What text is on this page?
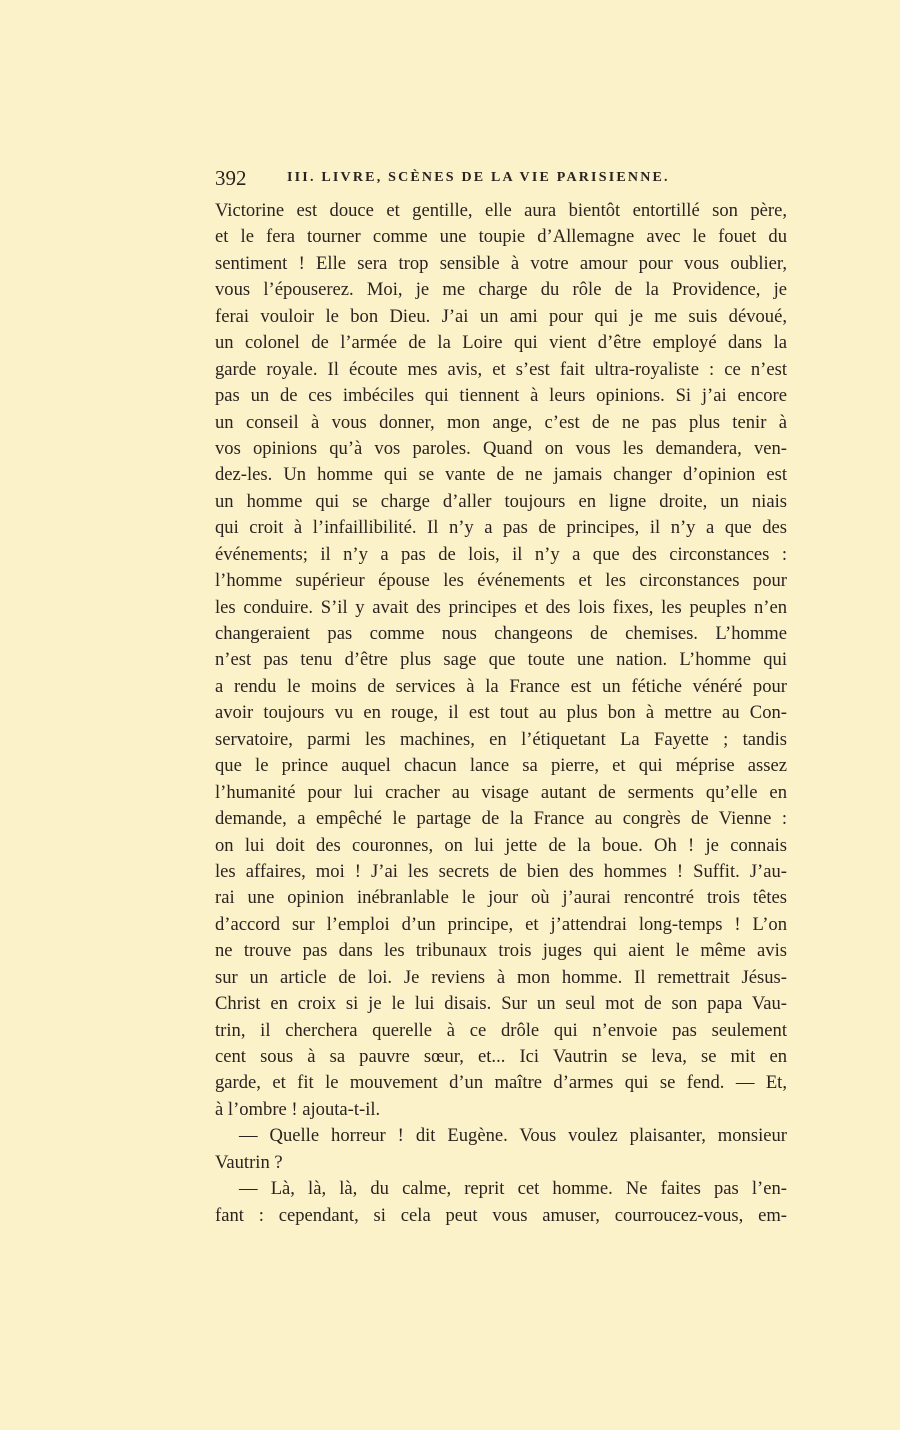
392	III. LIVRE, SCÈNES DE LA VIE PARISIENNE.
Victorine est douce et gentille, elle aura bientôt entortillé son père,
et le fera tourner comme une toupie d’Allemagne avec le fouet du
sentiment ! Elle sera trop sensible à votre amour pour vous oublier,
vous l’épouserez. Moi, je me charge du rôle de la Providence, je
ferai vouloir le bon Dieu. J’ai un ami pour qui je me suis dévoué,
un colonel de l’armée de la Loire qui vient d’être employé dans la
garde royale. Il écoute mes avis, et s’est fait ultra-royaliste : ce n’est
pas un de ces imbéciles qui tiennent à leurs opinions. Si j’ai encore
un conseil à vous donner, mon ange, c’est de ne pas plus tenir à
vos opinions qu’à vos paroles. Quand on vous les demandera, ven-
dez-les. Un homme qui se vante de ne jamais changer d’opinion est
un homme qui se charge d’aller toujours en ligne droite, un niais
qui croit à l’infaillibilité. Il n’y a pas de principes, il n’y a que des
événements; il n’y a pas de lois, il n’y a que des circonstances :
l’homme supérieur épouse les événements et les circonstances pour
les conduire. S’il y avait des principes et des lois fixes, les peuples n’en
changeraient pas comme nous changeons de chemises. L’homme
n’est pas tenu d’être plus sage que toute une nation. L’homme qui
a rendu le moins de services à la France est un fétiche vénéré pour
avoir toujours vu en rouge, il est tout au plus bon à mettre au Con-
servatoire, parmi les machines, en l’étiquetant La Fayette ; tandis
que le prince auquel chacun lance sa pierre, et qui méprise assez
l’humanité pour lui cracher au visage autant de serments qu’elle en
demande, a empêché le partage de la France au congrès de Vienne :
on lui doit des couronnes, on lui jette de la boue. Oh ! je connais
les affaires, moi ! J’ai les secrets de bien des hommes ! Suffit. J’au-
rai une opinion inébranlable le jour où j’aurai rencontré trois têtes
d’accord sur l’emploi d’un principe, et j’attendrai long-temps ! L’on
ne trouve pas dans les tribunaux trois juges qui aient le même avis
sur un article de loi. Je reviens à mon homme. Il remettrait Jésus-
Christ en croix si je le lui disais. Sur un seul mot de son papa Vau-
trin, il cherchera querelle à ce drôle qui n’envoie pas seulement
cent sous à sa pauvre sœur, et... Ici Vautrin se leva, se mit en
garde, et fit le mouvement d’un maître d’armes qui se fend. — Et,
à l’ombre ! ajouta-t-il.
— Quelle horreur ! dit Eugène. Vous voulez plaisanter, monsieur
Vautrin ?
— Là, là, là, du calme, reprit cet homme. Ne faites pas l’en-
fant : cependant, si cela peut vous amuser, courroucez-vous, em-
